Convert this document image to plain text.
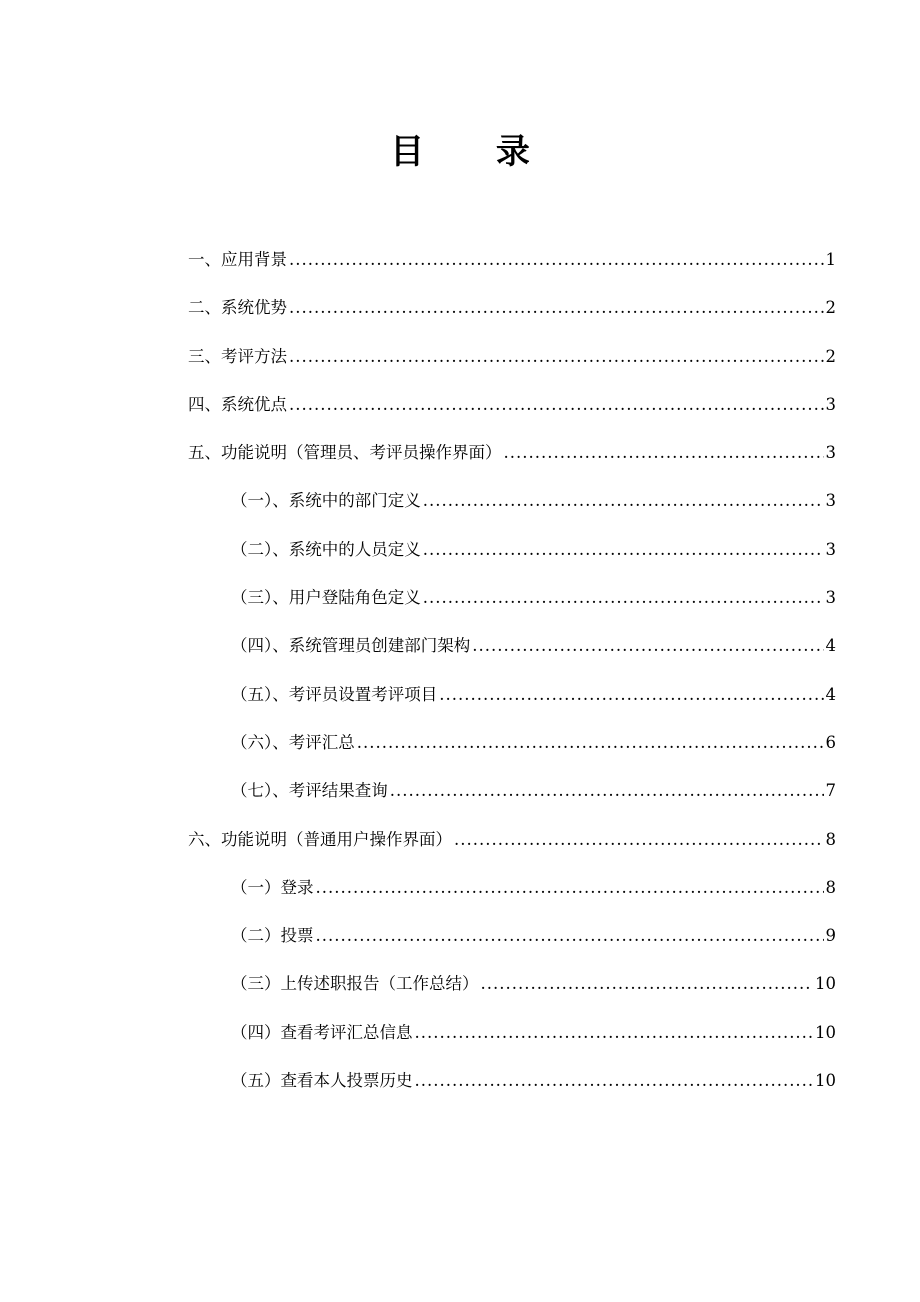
目 录
一、应用背景 .....	1
二、系统优势 .....	2
三、考评方法 .....	2
四、系统优点 .....	3
五、功能说明（管理员、考评员操作界面） .....	3
（一）、系统中的部门定义 .....	3
（二）、系统中的人员定义 .....	3
（三）、用户登陆角色定义 .....	3
（四）、系统管理员创建部门架构 .....	4
（五）、考评员设置考评项目 .....	4
（六）、考评汇总 .....	6
（七）、考评结果查询 .....	7
六、功能说明（普通用户操作界面） .....	8
（一）登录 .....	8
（二）投票 .....	9
（三）上传述职报告（工作总结） .....	10
（四）查看考评汇总信息 .....	10
（五）查看本人投票历史 .....	10
